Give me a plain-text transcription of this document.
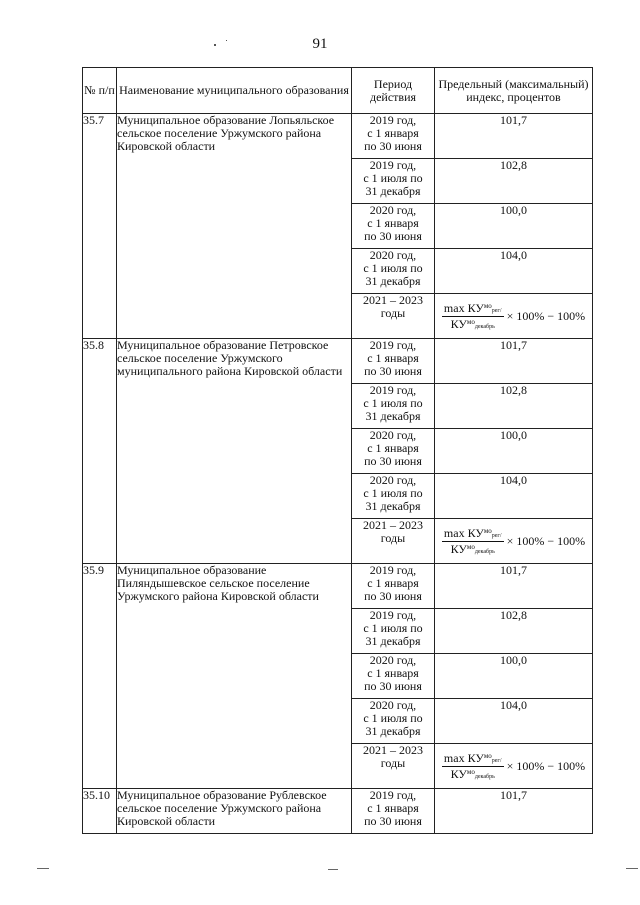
91
№ п/п	Наименование муниципального образования	Период действия	Предельный (максимальный) индекс, процентов
35.7	Муниципальное образование Лопьяльское сельское поселение Уржумского района Кировской области	2019 год,
с 1 января
по 30 июня	101,7

		2019 год,
с 1 июля по
31 декабря	102,8

		2020 год,
с 1 января
по 30 июня	100,0

		2020 год,
с 1 июля по
31 декабря	104,0

		2021 – 2023
годы	$\frac{\max КУ^{мо}_{рег/}}{КУ^{мо}_{декабрь}} \times 100\% - 100\%$

35.8	Муниципальное образование Петровское сельское поселение Уржумского муниципального района Кировской области	2019 год,
с 1 января
по 30 июня	101,7

		2019 год,
с 1 июля по
31 декабря	102,8

		2020 год,
с 1 января
по 30 июня	100,0

		2020 год,
с 1 июля по
31 декабря	104,0

		2021 – 2023
годы	$\frac{\max КУ^{мо}_{рег/}}{КУ^{мо}_{декабрь}} \times 100\% - 100\%$

35.9	Муниципальное образование Пиляндышевское сельское поселение Уржумского района Кировской области	2019 год,
с 1 января
по 30 июня	101,7

		2019 год,
с 1 июля по
31 декабря	102,8

		2020 год,
с 1 января
по 30 июня	100,0

		2020 год,
с 1 июля по
31 декабря	104,0

		2021 – 2023
годы	$\frac{\max КУ^{мо}_{рег/}}{КУ^{мо}_{декабрь}} \times 100\% - 100\%$

35.10	Муниципальное образование Рублевское сельское поселение Уржумского района Кировской области	2019 год,
с 1 января
по 30 июня	101,7
